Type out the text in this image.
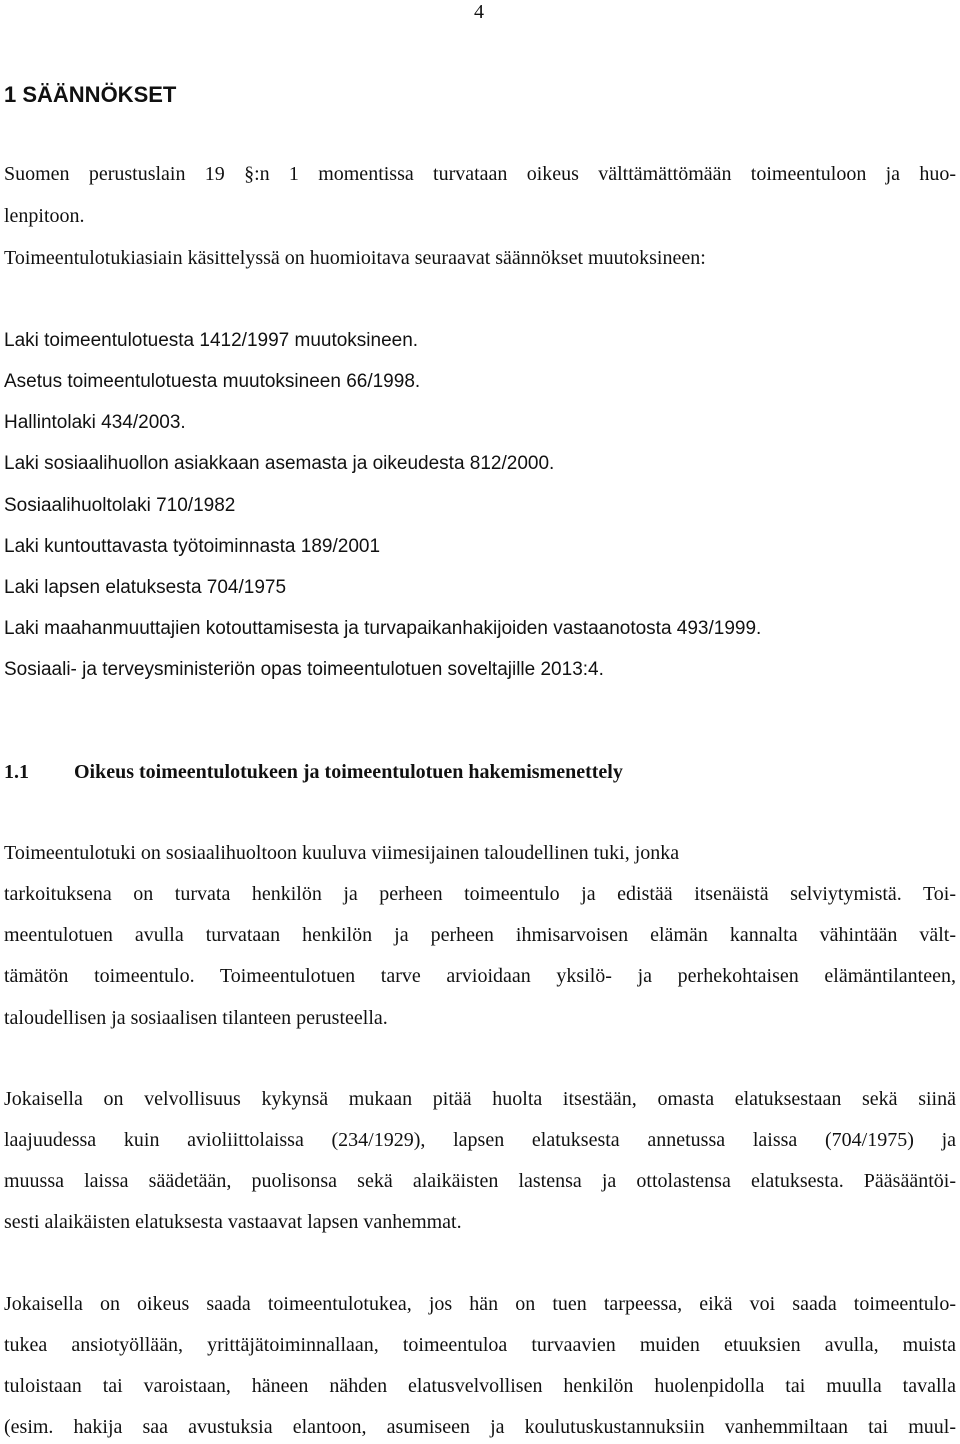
4
1 SÄÄNNÖKSET

Suomen perustuslain 19 §:n 1 momentissa turvataan oikeus välttämättömään toimeentuloon ja huo-

lenpitoon.

Toimeentulotukiasiain käsittelyssä on huomioitava seuraavat säännökset muutoksineen:

Laki toimeentulotuesta 1412/1997 muutoksineen.

Asetus toimeentulotuesta muutoksineen 66/1998.

Hallintolaki 434/2003.

Laki sosiaalihuollon asiakkaan asemasta ja oikeudesta 812/2000.

Sosiaalihuoltolaki 710/1982

Laki kuntouttavasta työtoiminnasta 189/2001

Laki lapsen elatuksesta 704/1975

Laki maahanmuuttajien kotouttamisesta ja turvapaikanhakijoiden vastaanotosta 493/1999.

Sosiaali- ja terveysministeriön opas toimeentulotuen soveltajille 2013:4.

1.1 Oikeus toimeentulotukeen ja toimeentulotuen hakemismenettely

Toimeentulotuki on sosiaalihuoltoon kuuluva viimesijainen taloudellinen tuki, jonka

tarkoituksena on turvata henkilön ja perheen toimeentulo ja edistää itsenäistä selviytymistä. Toi-

meentulotuen avulla turvataan henkilön ja perheen ihmisarvoisen elämän kannalta vähintään vält-

tämätön toimeentulo. Toimeentulotuen tarve arvioidaan yksilö- ja perhekohtaisen elämäntilanteen,

taloudellisen ja sosiaalisen tilanteen perusteella.

Jokaisella on velvollisuus kykynsä mukaan pitää huolta itsestään, omasta elatuksestaan sekä siinä

laajuudessa kuin avioliittolaissa (234/1929), lapsen elatuksesta annetussa laissa (704/1975) ja

muussa laissa säädetään, puolisonsa sekä alaikäisten lastensa ja ottolastensa elatuksesta. Pääsääntöi-

sesti alaikäisten elatuksesta vastaavat lapsen vanhemmat.

Jokaisella on oikeus saada toimeentulotukea, jos hän on tuen tarpeessa, eikä voi saada toimeentulo-

tukea ansiotyöllään, yrittäjätoiminnallaan, toimeentuloa turvaavien muiden etuuksien avulla, muista

tuloistaan tai varoistaan, häneen nähden elatusvelvollisen henkilön huolenpidolla tai muulla tavalla

(esim. hakija saa avustuksia elantoon, asumiseen ja koulutuskustannuksiin vanhemmiltaan tai muul-
